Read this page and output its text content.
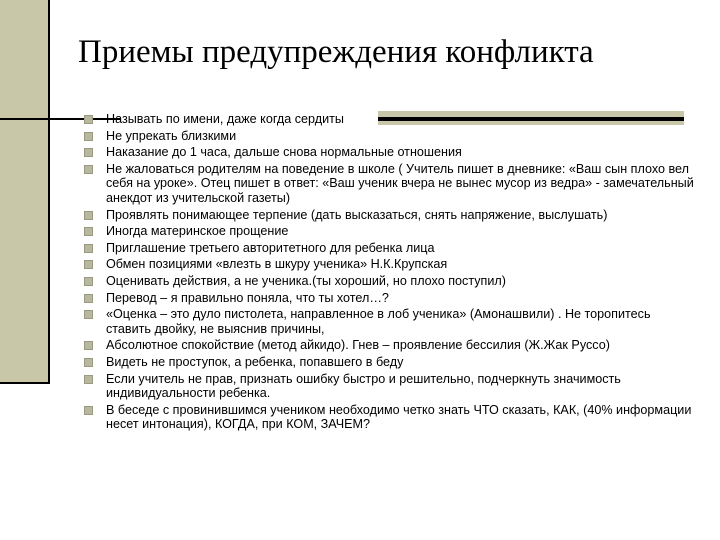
Приемы предупреждения конфликта
Называть по имени, даже когда сердиты
Не упрекать близкими
Наказание до 1 часа, дальше снова нормальные отношения
Не жаловаться родителям на поведение в школе ( Учитель пишет в дневнике: «Ваш сын плохо вел себя на уроке». Отец пишет в ответ: «Ваш ученик вчера не вынес мусор из ведра» - замечательный анекдот из учительской газеты)
Проявлять понимающее терпение (дать высказаться, снять напряжение, выслушать)
Иногда материнское прощение
Приглашение третьего авторитетного для ребенка лица
Обмен позициями «влезть в шкуру ученика» Н.К.Крупская
Оценивать действия, а не ученика.(ты хороший, но плохо поступил)
Перевод – я правильно поняла, что ты хотел…?
«Оценка – это дуло пистолета, направленное в лоб ученика» (Амонашвили) . Не торопитесь ставить двойку, не выяснив причины,
Абсолютное спокойствие (метод айкидо). Гнев – проявление бессилия (Ж.Жак Руссо)
Видеть не проступок, а ребенка, попавшего в беду
Если учитель не прав, признать ошибку быстро и решительно, подчеркнуть значимость индивидуальности ребенка.
В беседе с провинившимся учеником необходимо четко знать ЧТО сказать, КАК, (40% информации несет интонация), КОГДА, при КОМ, ЗАЧЕМ?
